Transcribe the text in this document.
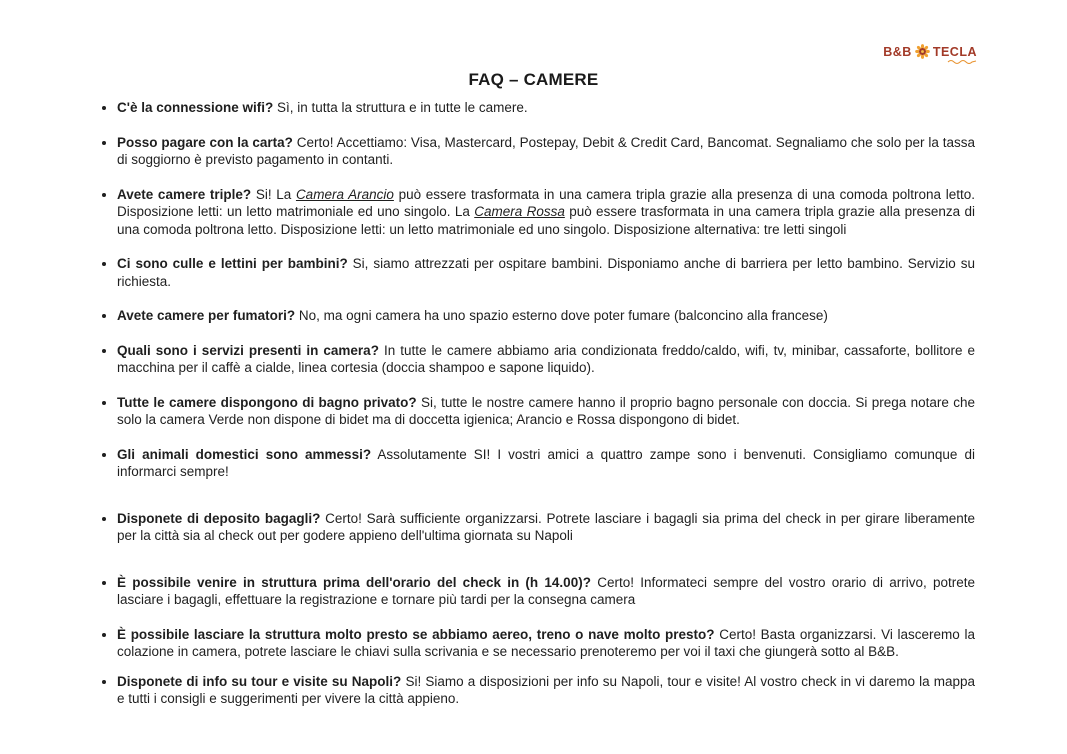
B&B TECLA
FAQ – CAMERE
• C'è la connessione wifi? Sì, in tutta la struttura e in tutte le camere.
• Posso pagare con la carta? Certo! Accettiamo: Visa, Mastercard, Postepay, Debit & Credit Card, Bancomat. Segnaliamo che solo per la tassa di soggiorno è previsto pagamento in contanti.
• Avete camere triple? Si! La Camera Arancio può essere trasformata in una camera tripla grazie alla presenza di una comoda poltrona letto. Disposizione letti: un letto matrimoniale ed uno singolo. La Camera Rossa può essere trasformata in una camera tripla grazie alla presenza di una comoda poltrona letto. Disposizione letti: un letto matrimoniale ed uno singolo. Disposizione alternativa: tre letti singoli
• Ci sono culle e lettini per bambini? Si, siamo attrezzati per ospitare bambini. Disponiamo anche di barriera per letto bambino. Servizio su richiesta.
• Avete camere per fumatori? No, ma ogni camera ha uno spazio esterno dove poter fumare (balconcino alla francese)
• Quali sono i servizi presenti in camera? In tutte le camere abbiamo aria condizionata freddo/caldo, wifi, tv, minibar, cassaforte, bollitore e macchina per il caffè a cialde, linea cortesia (doccia shampoo e sapone liquido).
• Tutte le camere dispongono di bagno privato? Si, tutte le nostre camere hanno il proprio bagno personale con doccia. Si prega notare che solo la camera Verde non dispone di bidet ma di doccetta igienica; Arancio e Rossa dispongono di bidet.
• Gli animali domestici sono ammessi? Assolutamente SI! I vostri amici a quattro zampe sono i benvenuti. Consigliamo comunque di informarci sempre!
• Disponete di deposito bagagli? Certo! Sarà sufficiente organizzarsi. Potrete lasciare i bagagli sia prima del check in per girare liberamente per la città sia al check out per godere appieno dell'ultima giornata su Napoli
• È possibile venire in struttura prima dell'orario del check in (h 14.00)? Certo! Informateci sempre del vostro orario di arrivo, potrete lasciare i bagagli, effettuare la registrazione e tornare più tardi per la consegna camera
• È possibile lasciare la struttura molto presto se abbiamo aereo, treno o nave molto presto? Certo! Basta organizzarsi. Vi lasceremo la colazione in camera, potrete lasciare le chiavi sulla scrivania e se necessario prenoteremo per voi il taxi che giungerà sotto al B&B.
• Disponete di info su tour e visite su Napoli? Si! Siamo a disposizioni per info su Napoli, tour e visite! Al vostro check in vi daremo la mappa e tutti i consigli e suggerimenti per vivere la città appieno.
